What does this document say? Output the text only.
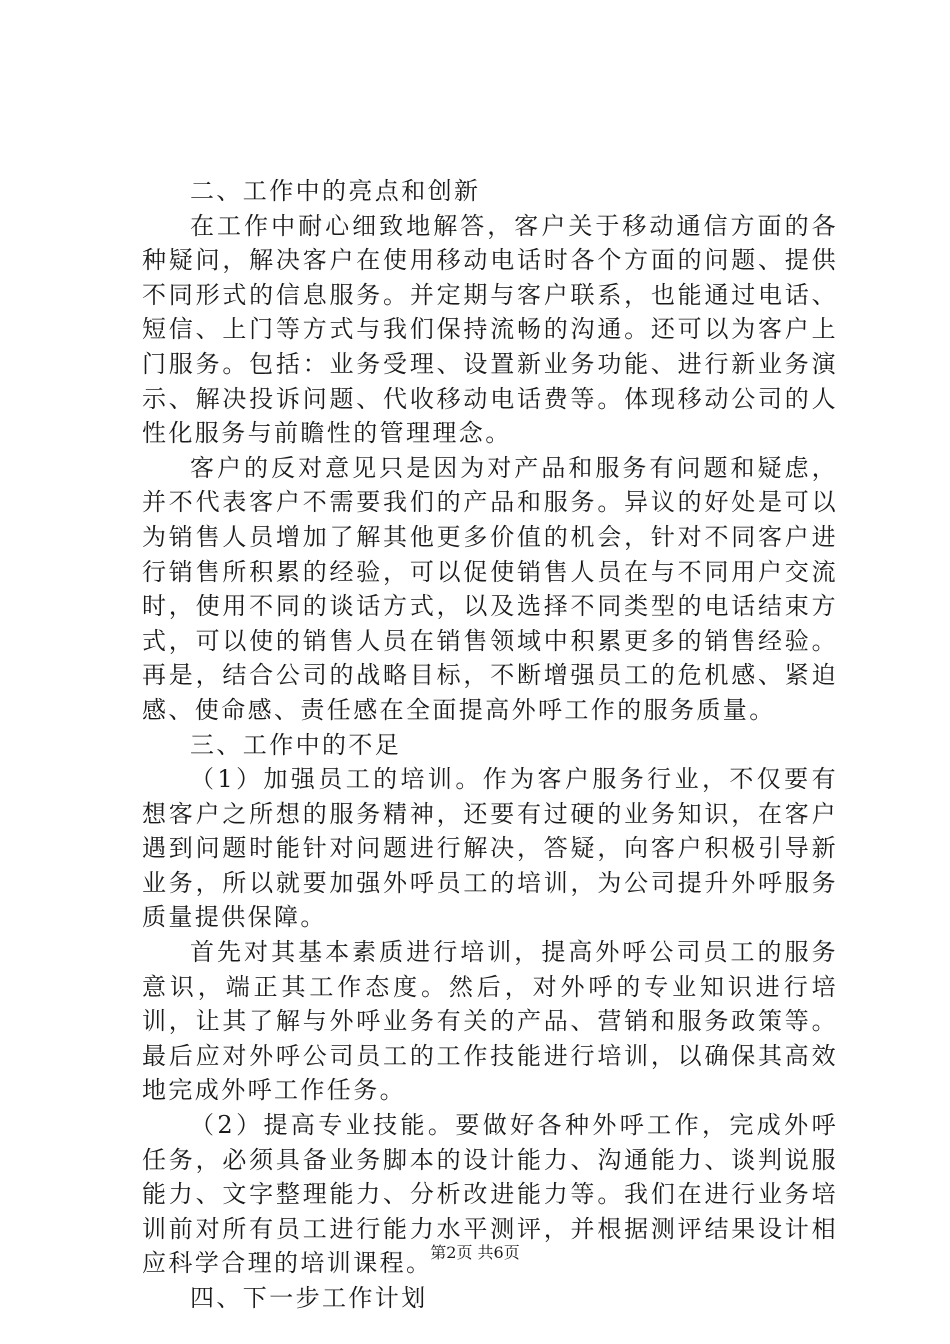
二、工作中的亮点和创新

在工作中耐心细致地解答，客户关于移动通信方面的各种疑问，解决客户在使用移动电话时各个方面的问题、提供不同形式的信息服务。并定期与客户联系，也能通过电话、短信、上门等方式与我们保持流畅的沟通。还可以为客户上门服务。包括：业务受理、设置新业务功能、进行新业务演示、解决投诉问题、代收移动电话费等。体现移动公司的人性化服务与前瞻性的管理理念。

客户的反对意见只是因为对产品和服务有问题和疑虑，并不代表客户不需要我们的产品和服务。异议的好处是可以为销售人员增加了解其他更多价值的机会，针对不同客户进行销售所积累的经验，可以促使销售人员在与不同用户交流时，使用不同的谈话方式，以及选择不同类型的电话结束方式，可以使的销售人员在销售领域中积累更多的销售经验。再是，结合公司的战略目标，不断增强员工的危机感、紧迫感、使命感、责任感在全面提高外呼工作的服务质量。

三、工作中的不足

（1）加强员工的培训。作为客户服务行业，不仅要有想客户之所想的服务精神，还要有过硬的业务知识，在客户遇到问题时能针对问题进行解决，答疑，向客户积极引导新业务，所以就要加强外呼员工的培训，为公司提升外呼服务质量提供保障。

首先对其基本素质进行培训，提高外呼公司员工的服务意识，端正其工作态度。然后，对外呼的专业知识进行培训，让其了解与外呼业务有关的产品、营销和服务政策等。最后应对外呼公司员工的工作技能进行培训，以确保其高效地完成外呼工作任务。

（2）提高专业技能。要做好各种外呼工作，完成外呼任务，必须具备业务脚本的设计能力、沟通能力、谈判说服能力、文字整理能力、分析改进能力等。我们在进行业务培训前对所有员工进行能力水平测评，并根据测评结果设计相应科学合理的培训课程。

四、下一步工作计划

第2页 共6页
